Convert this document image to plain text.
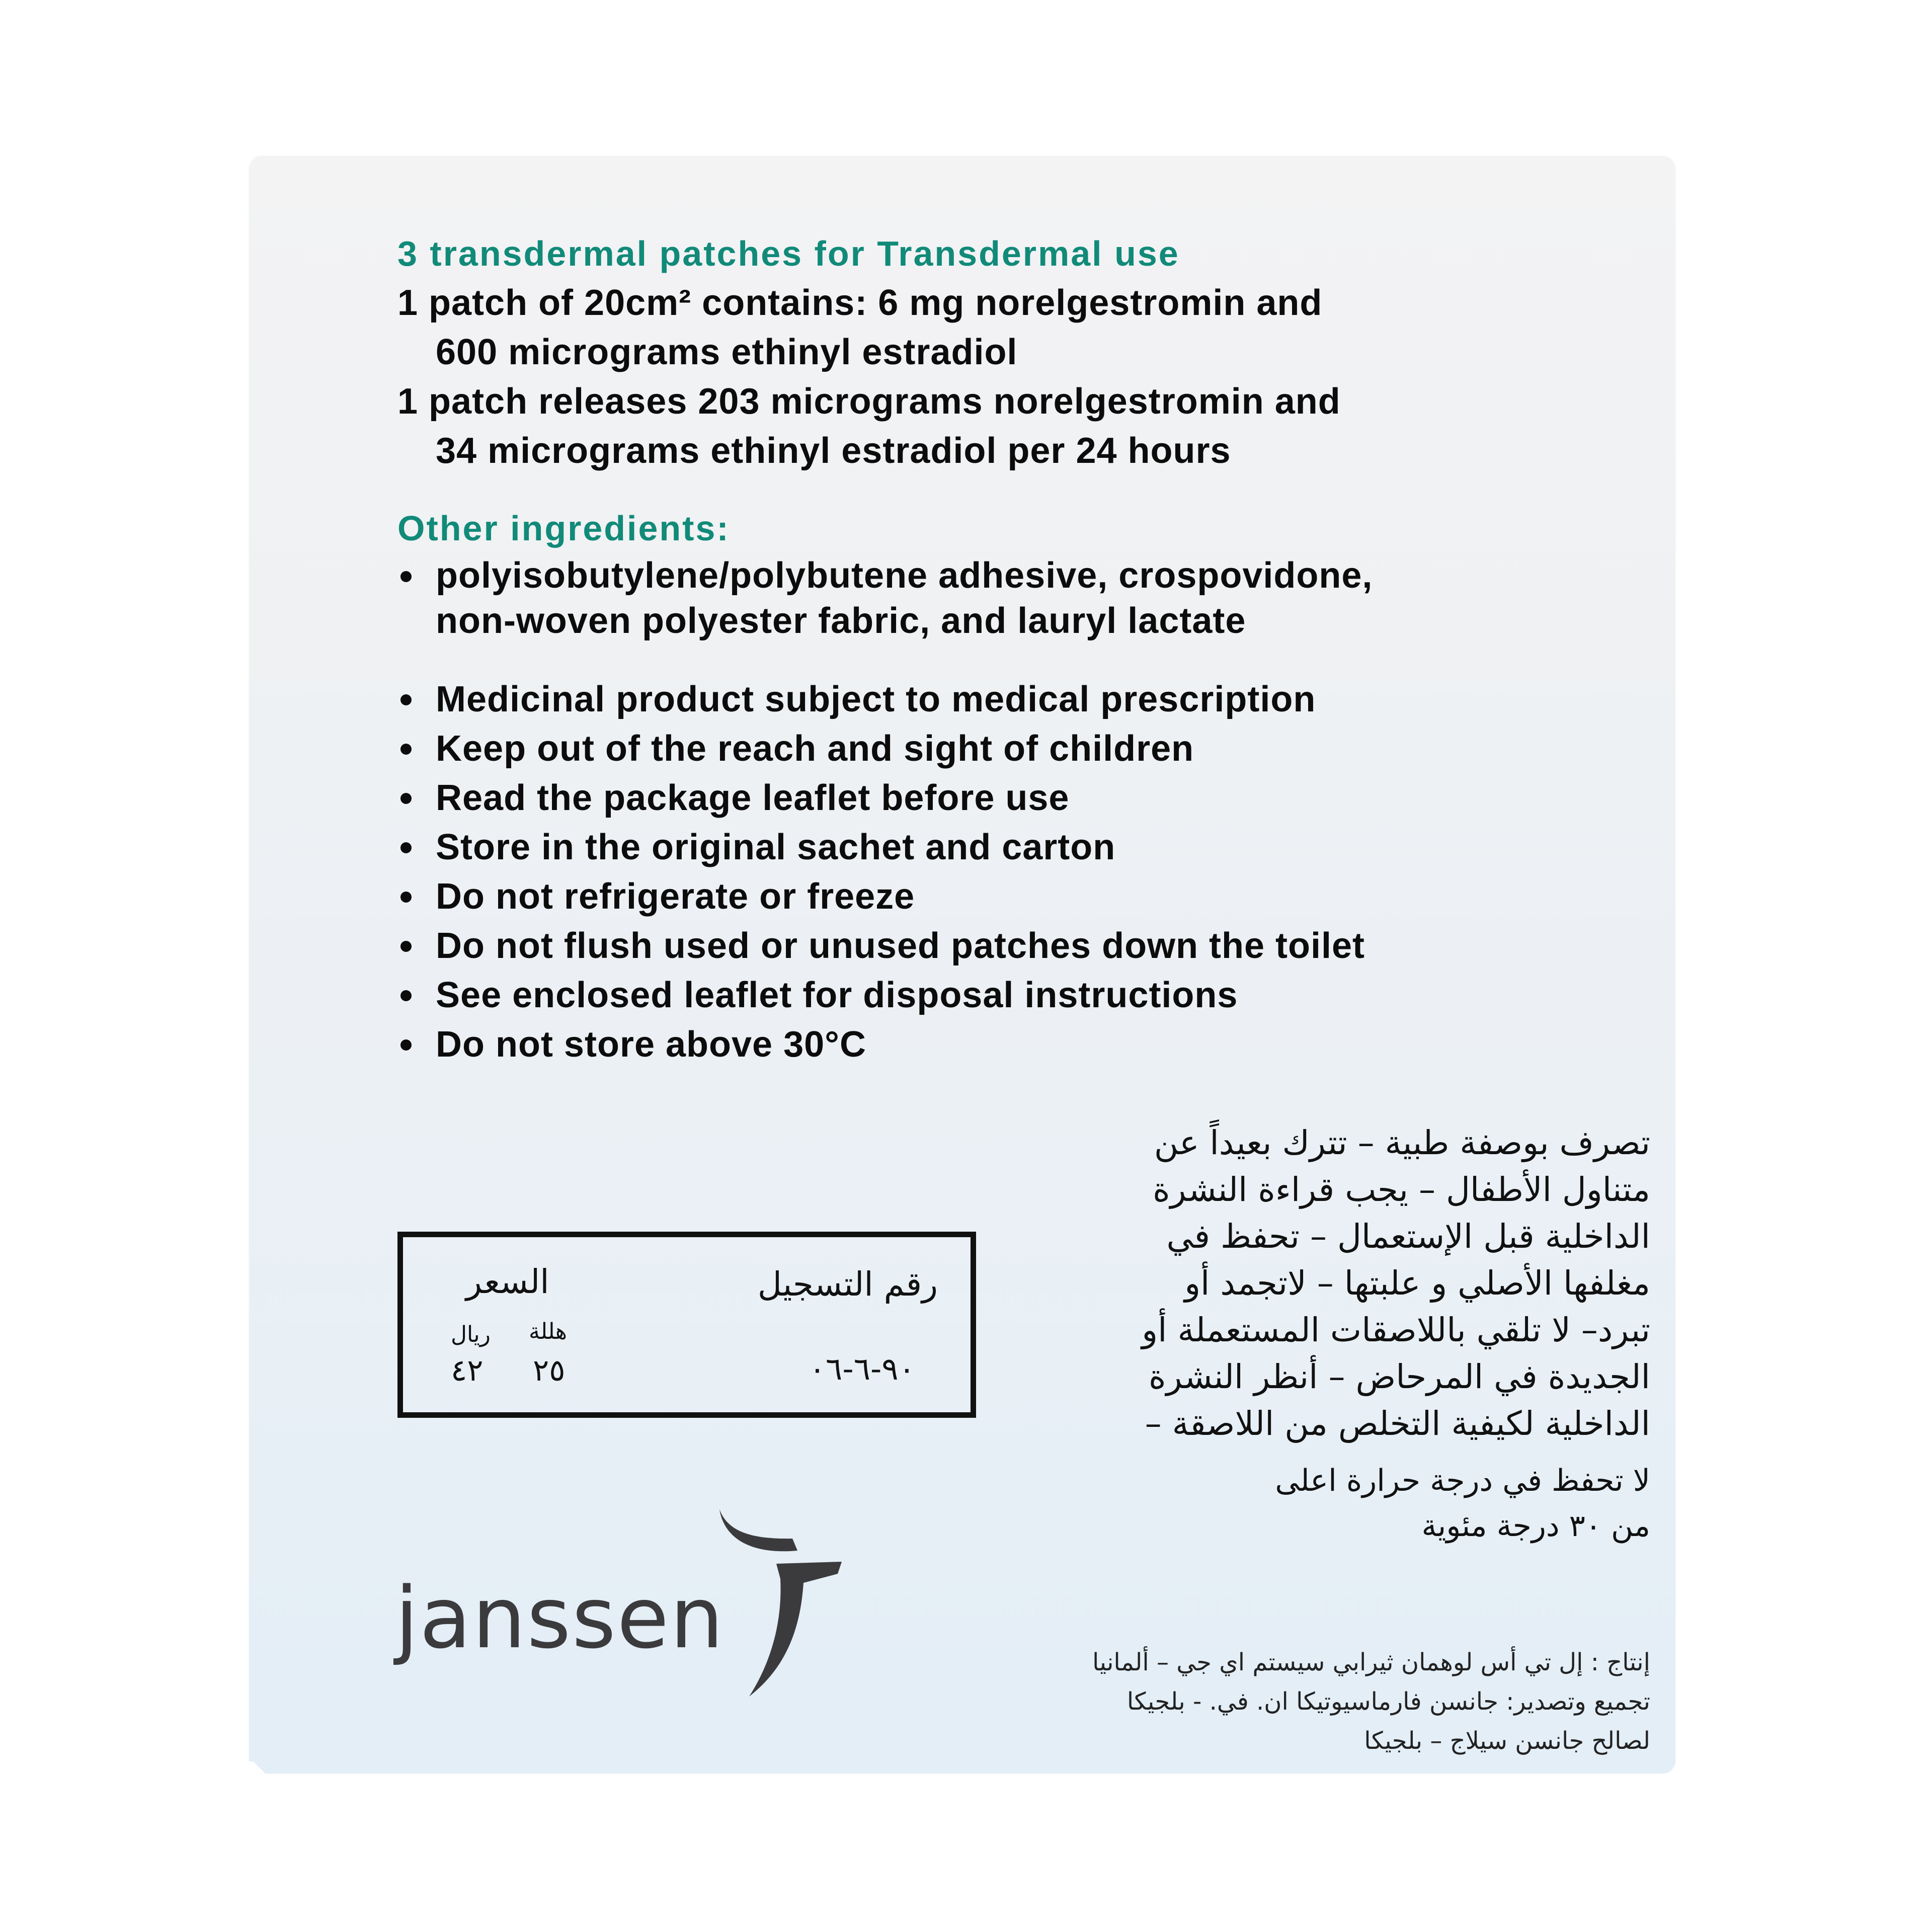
3 transdermal patches for Transdermal use

1 patch of 20cm² contains: 6 mg norelgestromin and

600 micrograms ethinyl estradiol

1 patch releases 203 micrograms norelgestromin and

34 micrograms ethinyl estradiol per 24 hours

Other ingredients:

polyisobutylene/polybutene adhesive, crospovidone,
non-woven polyester fabric, and lauryl lactate
Medicinal product subject to medical prescription
Keep out of the reach and sight of children
Read the package leaflet before use
Store in the original sachet and carton
Do not refrigerate or freeze
Do not flush used or unused patches down the toilet
See enclosed leaflet for disposal instructions
Do not store above 30°C

تصرف بوصفة طبية – تترك بعيداً عن

متناول الأطفال – يجب قراءة النشرة

الداخلية قبل الإستعمال – تحفظ في

مغلفها الأصلي و علبتها – لاتجمد أو

تبرد– لا تلقي باللاصقات المستعملة أو

الجديدة في المرحاض – أنظر النشرة

الداخلية لكيفية التخلص من اللاصقة –

لا تحفظ في درجة حرارة اعلى

من ٣٠ درجة مئوية

رقم التسجيل
٩٠-٦-٠٦
السعر
هللة
ريال
٢٥
٤٢
janssen	إنتاج : إل تي أس لوهمان ثيرابي سيستم اي جي – ألمانيا

تجميع وتصدير: جانسن فارماسيوتيكا ان. في. - بلجيكا

لصالح جانسن سيلاج – بلجيكا
